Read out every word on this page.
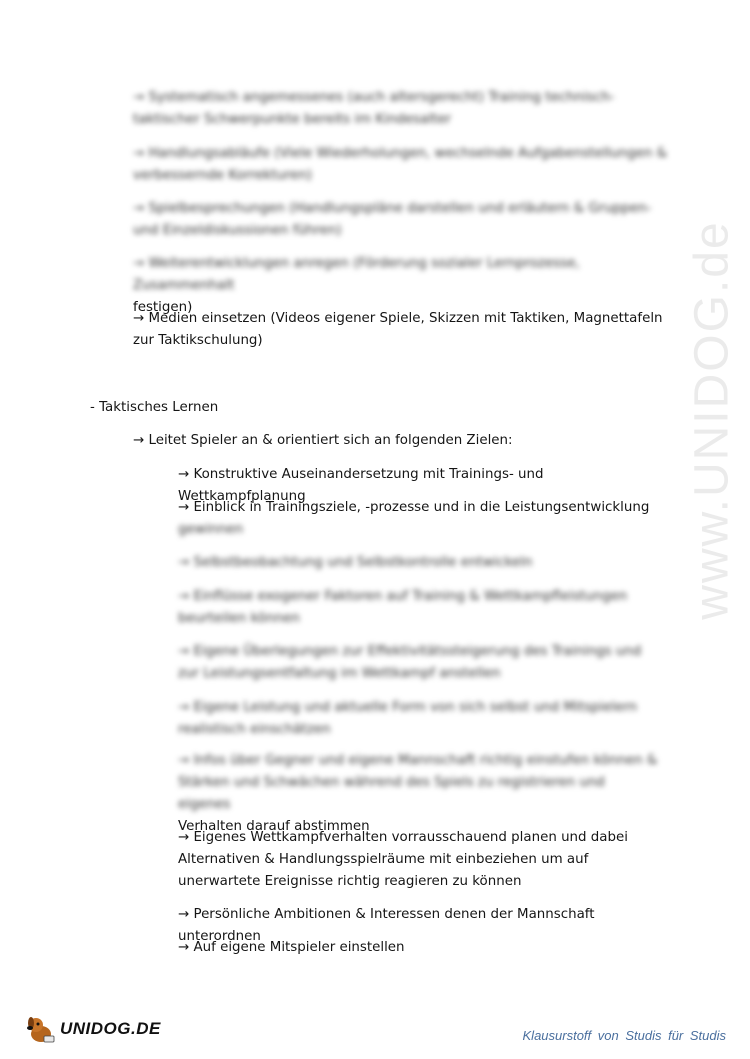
www.UNIDOG.de

→ Systematisch angemessenes (auch altersgerecht) Training technisch-taktischer Schwerpunkte bereits im Kindesalter

→ Handlungsabläufe (Viele Wiederholungen, wechselnde Aufgabenstellungen & verbessernde Korrekturen)

→ Spielbesprechungen (Handlungspläne darstellen und erläutern & Gruppen- und Einzeldiskussionen führen)

→ Weiterentwicklungen anregen (Förderung sozialer Lernprozesse, Zusammenhalt
festigen)

→ Medien einsetzen (Videos eigener Spiele, Skizzen mit Taktiken, Magnettafeln zur Taktikschulung)

- Taktisches Lernen

→ Leitet Spieler an & orientiert sich an folgenden Zielen:

→ Konstruktive Auseinandersetzung mit Trainings- und Wettkampfplanung

→ Einblick in Trainingsziele, -prozesse und in die Leistungsentwicklung
gewinnen

→ Selbstbeobachtung und Selbstkontrolle entwickeln

→ Einflüsse exogener Faktoren auf Training & Wettkampfleistungen beurteilen können

→ Eigene Überlegungen zur Effektivitätssteigerung des Trainings und zur Leistungsentfaltung im Wettkampf anstellen

→ Eigene Leistung und aktuelle Form von sich selbst und Mitspielern realistisch einschätzen

→ Infos über Gegner und eigene Mannschaft richtig einstufen können & Stärken und Schwächen während des Spiels zu registrieren und eigenes
Verhalten darauf abstimmen

→ Eigenes Wettkampfverhalten vorrausschauend planen und dabei Alternativen & Handlungsspielräume mit einbeziehen um auf unerwartete Ereignisse richtig reagieren zu können

→ Persönliche Ambitionen & Interessen denen der Mannschaft unterordnen

→ Auf eigene Mitspieler einstellen

UNIDOG.DE	Klausurstoff von Studis für Studis
